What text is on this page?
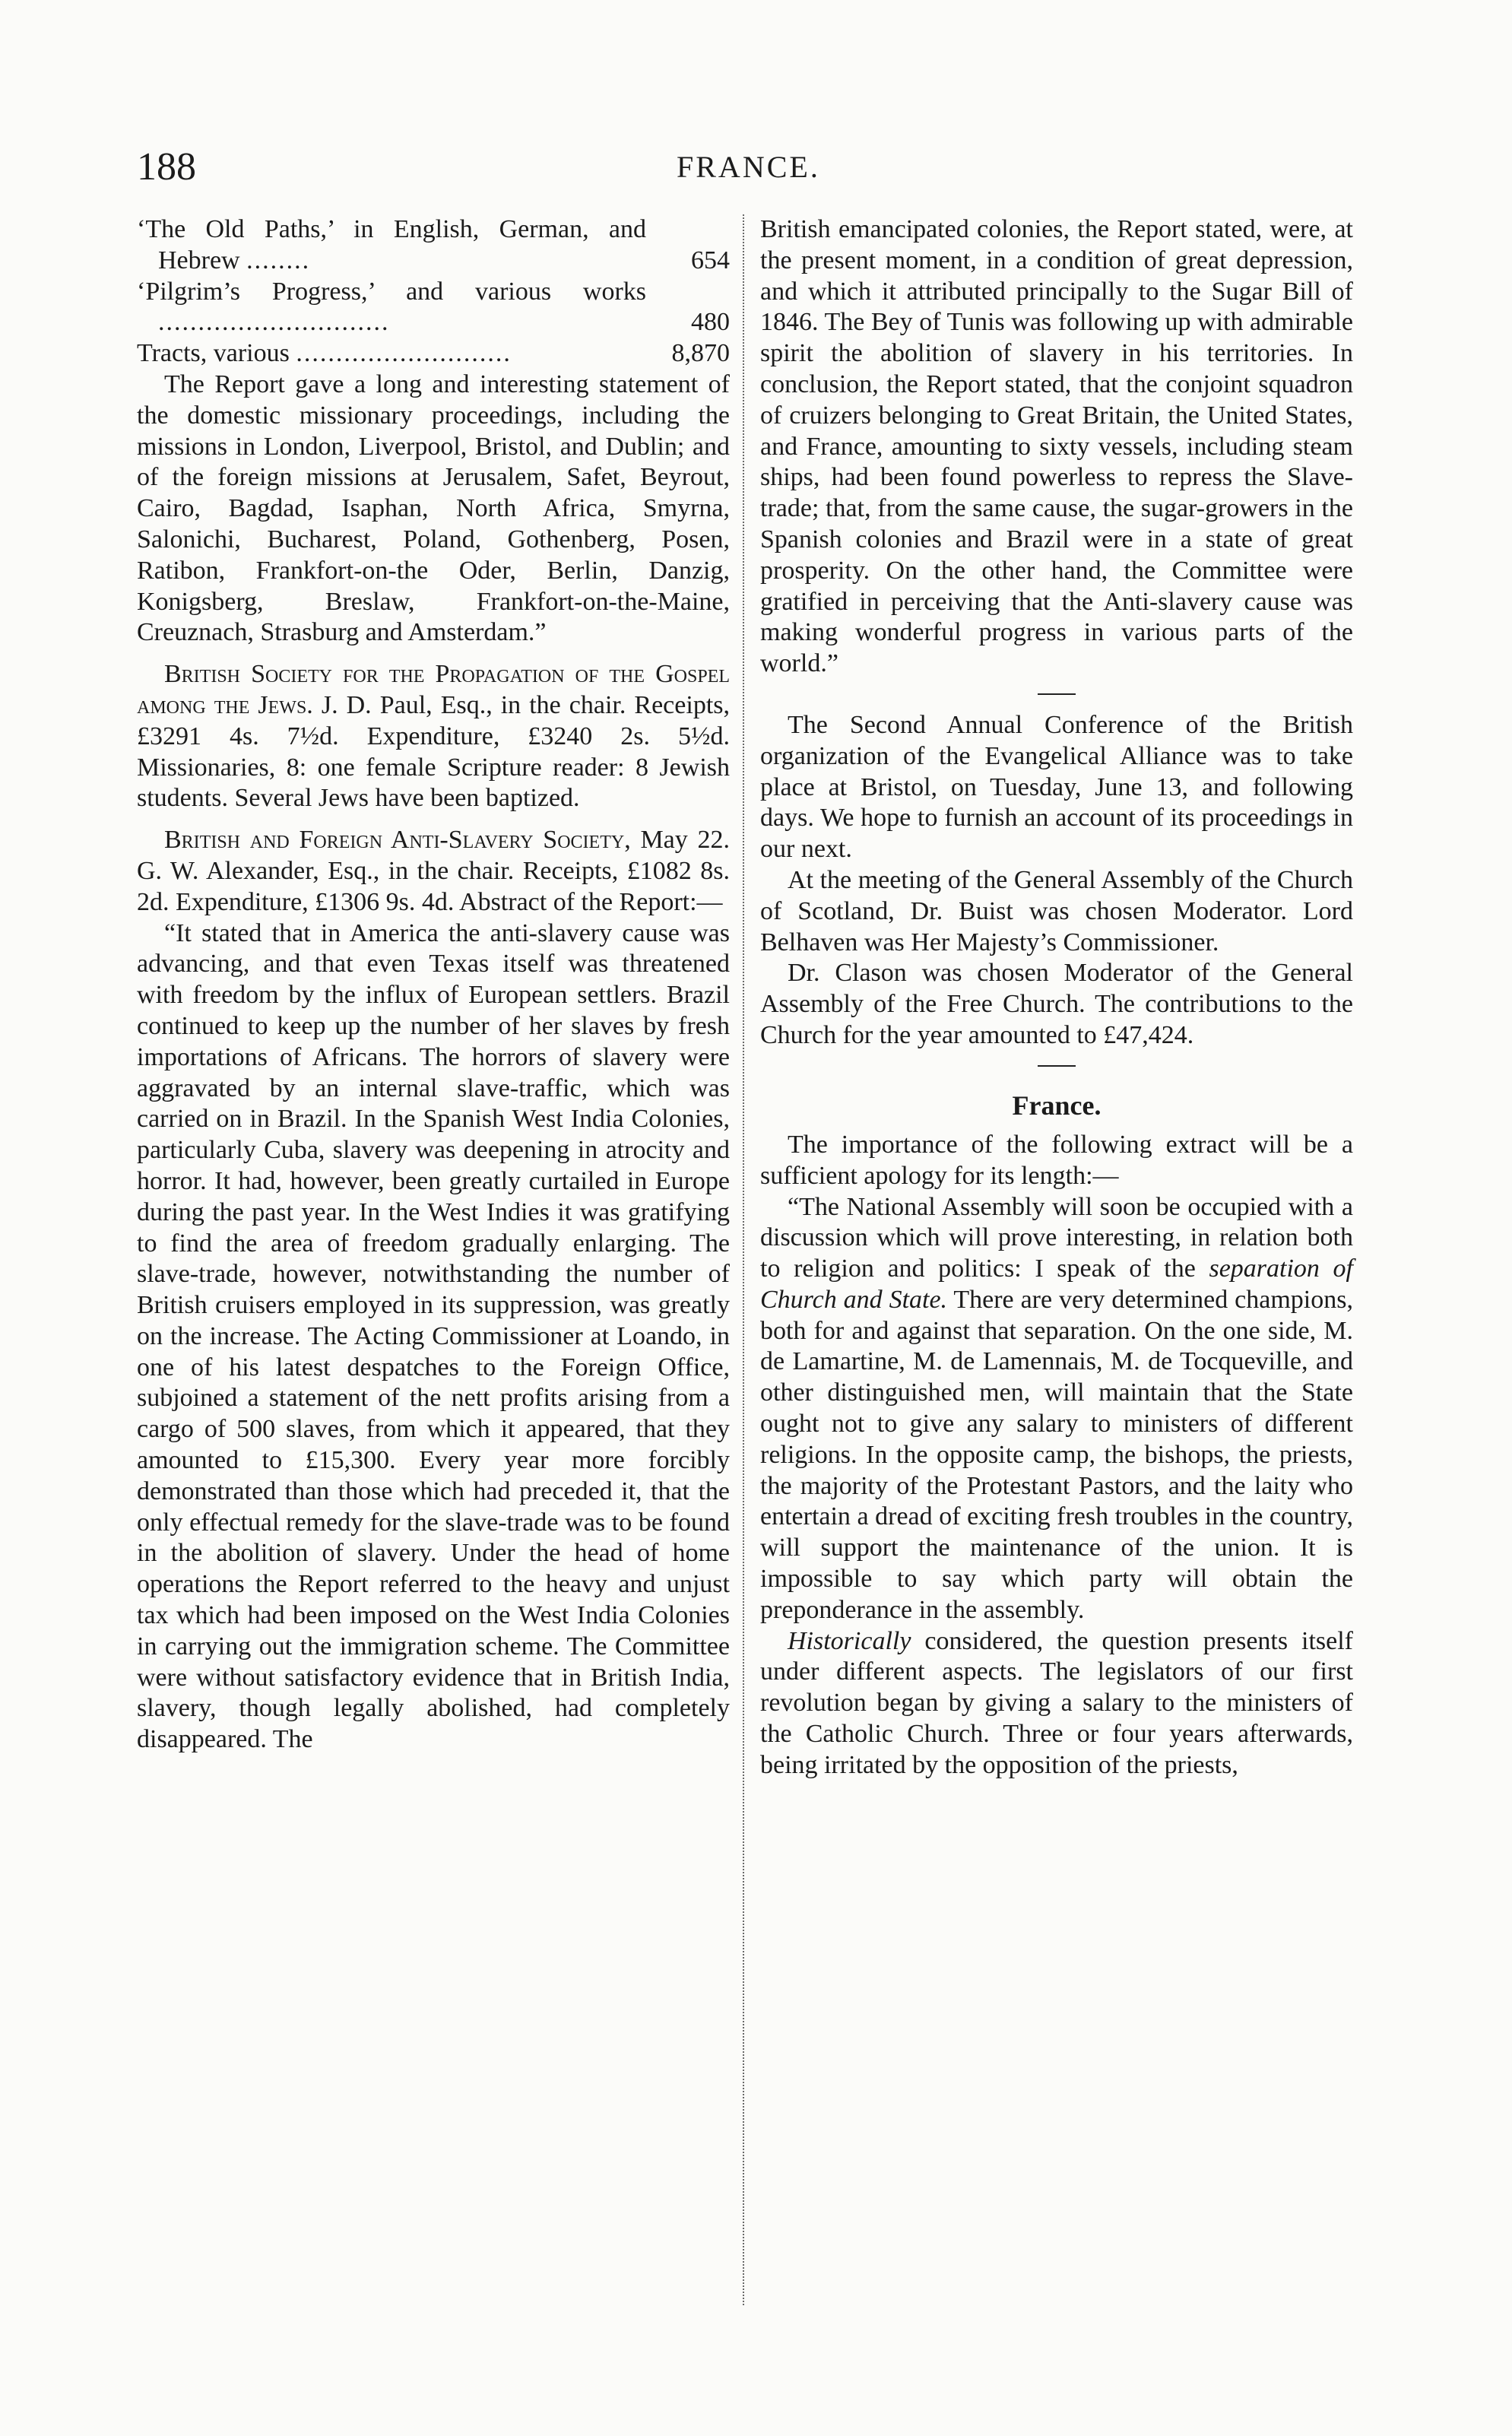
188	FRANCE.

‘The Old Paths,’ in English, German, and Hebrew ........	654

‘Pilgrim’s Progress,’ and various works .............................	480

Tracts, various ...........................	8,870

The Report gave a long and interesting statement of the domestic missionary proceedings, including the missions in London, Liverpool, Bristol, and Dublin; and of the foreign missions at Jerusalem, Safet, Beyrout, Cairo, Bagdad, Isaphan, North Africa, Smyrna, Salonichi, Bucharest, Poland, Gothenberg, Posen, Ratibon, Frankfort-on-the Oder, Berlin, Danzig, Konigsberg, Breslaw, Frankfort-on-the-Maine, Creuznach, Strasburg and Amsterdam.”

British Society for the Propagation of the Gospel among the Jews. J. D. Paul, Esq., in the chair. Receipts, £3291 4s. 7½d. Expenditure, £3240 2s. 5½d. Missionaries, 8: one female Scripture reader: 8 Jewish students. Several Jews have been baptized.

British and Foreign Anti-Slavery Society, May 22. G. W. Alexander, Esq., in the chair. Receipts, £1082 8s. 2d. Expenditure, £1306 9s. 4d. Abstract of the Report:—

“It stated that in America the anti-slavery cause was advancing, and that even Texas itself was threatened with freedom by the influx of European settlers. Brazil continued to keep up the number of her slaves by fresh importations of Africans. The horrors of slavery were aggravated by an internal slave-traffic, which was carried on in Brazil. In the Spanish West India Colonies, particularly Cuba, slavery was deepening in atrocity and horror. It had, however, been greatly curtailed in Europe during the past year. In the West Indies it was gratifying to find the area of freedom gradually enlarging. The slave-trade, however, notwithstanding the number of British cruisers employed in its suppression, was greatly on the increase. The Acting Commissioner at Loando, in one of his latest despatches to the Foreign Office, subjoined a statement of the nett profits arising from a cargo of 500 slaves, from which it appeared, that they amounted to £15,300. Every year more forcibly demonstrated than those which had preceded it, that the only effectual remedy for the slave-trade was to be found in the abolition of slavery. Under the head of home operations the Report referred to the heavy and unjust tax which had been imposed on the West India Colonies in carrying out the immigration scheme. The Committee were without satisfactory evidence that in British India, slavery, though legally abolished, had completely disappeared. The

British emancipated colonies, the Report stated, were, at the present moment, in a condition of great depression, and which it attributed principally to the Sugar Bill of 1846. The Bey of Tunis was following up with admirable spirit the abolition of slavery in his territories. In conclusion, the Report stated, that the conjoint squadron of cruizers belonging to Great Britain, the United States, and France, amounting to sixty vessels, including steam ships, had been found powerless to repress the Slave-trade; that, from the same cause, the sugar-growers in the Spanish colonies and Brazil were in a state of great prosperity. On the other hand, the Committee were gratified in perceiving that the Anti-slavery cause was making wonderful progress in various parts of the world.”

The Second Annual Conference of the British organization of the Evangelical Alliance was to take place at Bristol, on Tuesday, June 13, and following days. We hope to furnish an account of its proceedings in our next.

At the meeting of the General Assembly of the Church of Scotland, Dr. Buist was chosen Moderator. Lord Belhaven was Her Majesty’s Commissioner.

Dr. Clason was chosen Moderator of the General Assembly of the Free Church. The contributions to the Church for the year amounted to £47,424.

France.

The importance of the following extract will be a sufficient apology for its length:—

“The National Assembly will soon be occupied with a discussion which will prove interesting, in relation both to religion and politics: I speak of the separation of Church and State. There are very determined champions, both for and against that separation. On the one side, M. de Lamartine, M. de Lamennais, M. de Tocqueville, and other distinguished men, will maintain that the State ought not to give any salary to ministers of different religions. In the opposite camp, the bishops, the priests, the majority of the Protestant Pastors, and the laity who entertain a dread of exciting fresh troubles in the country, will support the maintenance of the union. It is impossible to say which party will obtain the preponderance in the assembly.

Historically considered, the question presents itself under different aspects. The legislators of our first revolution began by giving a salary to the ministers of the Catholic Church. Three or four years afterwards, being irritated by the opposition of the priests,
